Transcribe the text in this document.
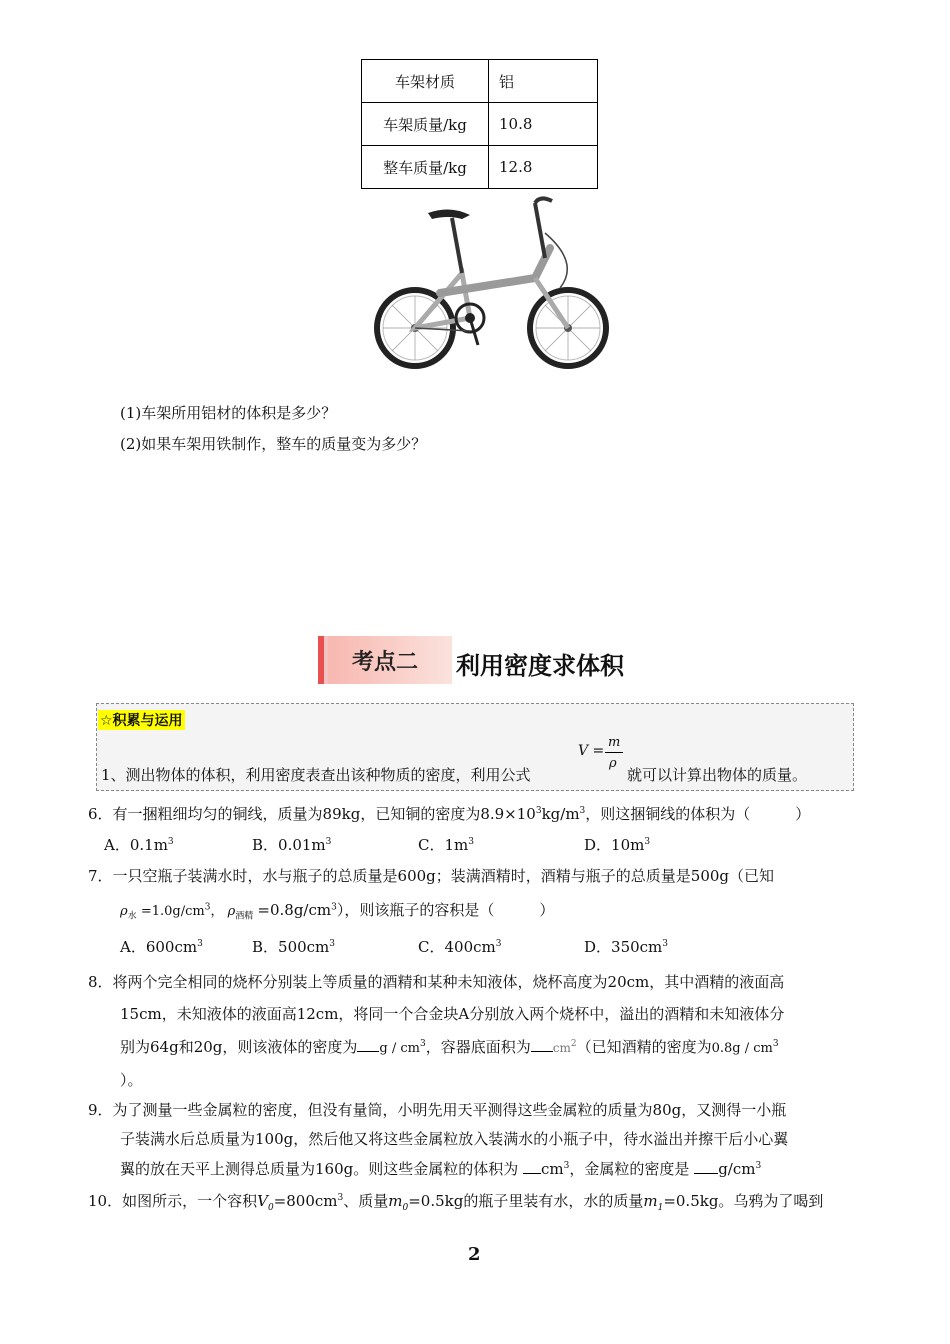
车架材质	铝
车架质量/kg	10.8
整车质量/kg	12.8
(1)车架所用铝材的体积是多少？
(2)如果车架用铁制作，整车的质量变为多少？
考点二	利用密度求体积
☆积累与运用
1、测出物体的体积，利用密度表查出该种物质的密度，利用公式
V =
m
ρ
就可以计算出物体的质量。
6．有一捆粗细均匀的铜线，质量为89kg，已知铜的密度为$8.9\times 10^3kg/m^3$，则这捆铜线的体积为（　　　）
A．$0.1m^3$	B．$0.01m^3$	C．$1m^3$	D．$10m^3$
7．一只空瓶子装满水时，水与瓶子的总质量是600g；装满酒精时，酒精与瓶子的总质量是500g（已知
$\rho_水 =1.0g/cm^3$， $\rho_{酒精} =0.8g/cm^3$），则该瓶子的容积是（　　　）
A．$600cm^3$	B．$500cm^3$	C．$400cm^3$	D．$350cm^3$
8．将两个完全相同的烧杯分别装上等质量的酒精和某种未知液体，烧杯高度为20cm，其中酒精的液面高
15cm，未知液体的液面高12cm，将同一个合金块A分别放入两个烧杯中，溢出的酒精和未知液体分
别为64g和20g，则该液体的密度为 g / $cm^3$，容器底面积为 $cm^2$（已知酒精的密度为$0.8g / cm^3$
）。
9．为了测量一些金属粒的密度，但没有量筒，小明先用天平测得这些金属粒的质量为80g，又测得一小瓶
子装满水后总质量为100g，然后他又将这些金属粒放入装满水的小瓶子中，待水溢出并擦干后小心翼
翼的放在天平上测得总质量为160g。则这些金属粒的体积为 $cm^3$，金属粒的密度是 $g/cm^3$
10．如图所示，一个容积$V_0=800cm^3$、质量$m_0=0.5kg$的瓶子里装有水，水的质量$m_1=0.5kg$。乌鸦为了喝到
2
